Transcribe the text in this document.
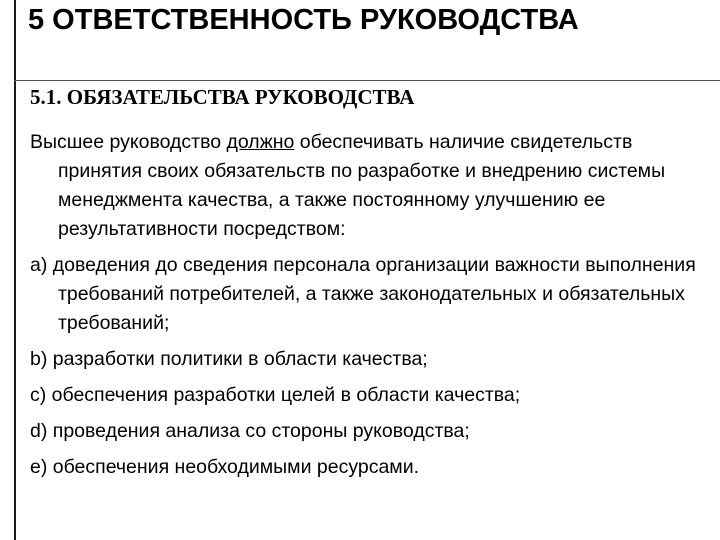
5 ОТВЕТСТВЕННОСТЬ РУКОВОДСТВА
5.1. ОБЯЗАТЕЛЬСТВА РУКОВОДСТВА

Высшее руководство должно обеспечивать наличие свидетельств принятия своих обязательств по разработке и внедрению системы менеджмента качества, а также постоянному улучшению ее результативности посредством:

а) доведения до сведения персонала организации важности выполнения требований потребителей, а также законодательных и обязательных требований;

b) разработки политики в области качества;

c) обеспечения разработки целей в области качества;

d) проведения анализа со стороны руководства;

e) обеспечения необходимыми ресурсами.
